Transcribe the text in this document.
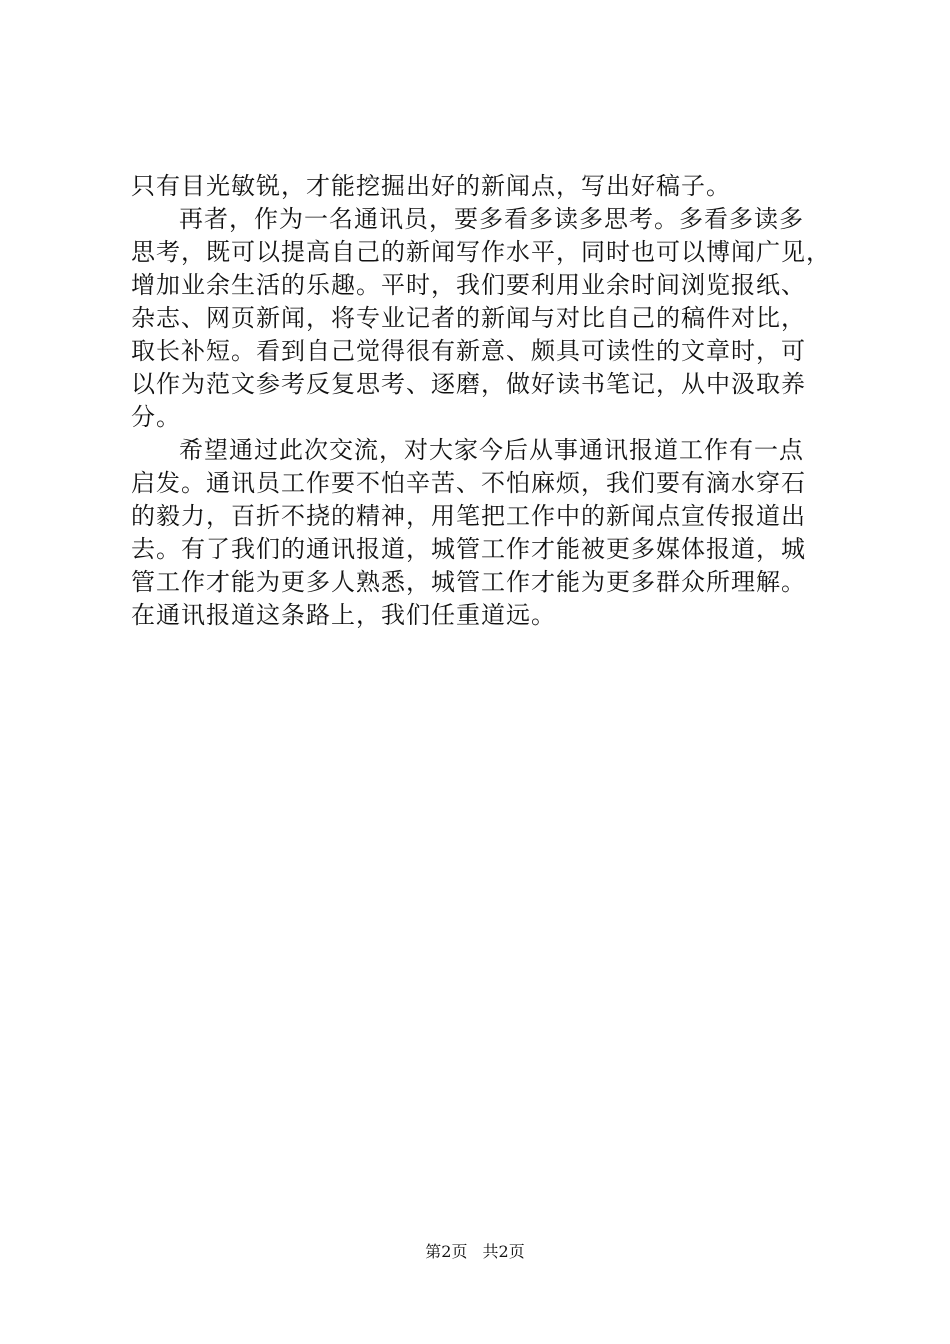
只有目光敏锐，才能挖掘出好的新闻点，写出好稿子。
再者，作为一名通讯员，要多看多读多思考。多看多读多
思考，既可以提高自己的新闻写作水平，同时也可以博闻广见，
增加业余生活的乐趣。平时，我们要利用业余时间浏览报纸、
杂志、网页新闻，将专业记者的新闻与对比自己的稿件对比，
取长补短。看到自己觉得很有新意、颇具可读性的文章时，可
以作为范文参考反复思考、逐磨，做好读书笔记，从中汲取养
分。
希望通过此次交流，对大家今后从事通讯报道工作有一点
启发。通讯员工作要不怕辛苦、不怕麻烦，我们要有滴水穿石
的毅力，百折不挠的精神，用笔把工作中的新闻点宣传报道出
去。有了我们的通讯报道，城管工作才能被更多媒体报道，城
管工作才能为更多人熟悉，城管工作才能为更多群众所理解。
在通讯报道这条路上，我们任重道远。
第2页 共2页
